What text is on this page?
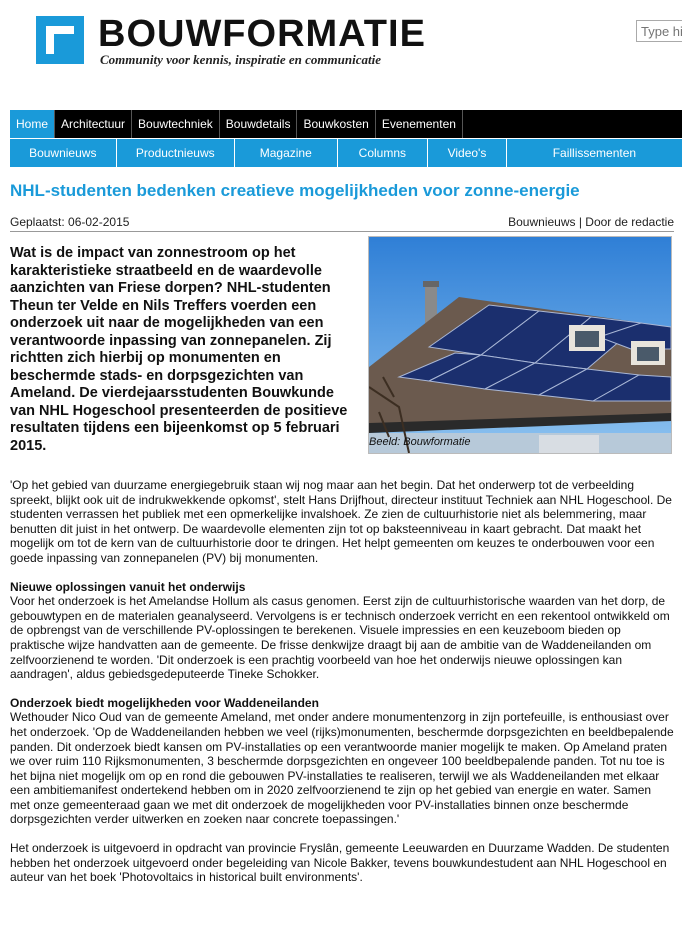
BOUWFORMATIE
Community voor kennis, inspiratie en communicatie
Type hier
Home	Architectuur	Bouwtechniek	Bouwdetails	Bouwkosten	Evenementen
Bouwnieuws	Productnieuws	Magazine	Columns	Video's	Faillissementen
NHL-studenten bedenken creatieve mogelijkheden voor zonne-energie
Geplaatst: 06-02-2015	Bouwnieuws | Door de redactie
Wat is de impact van zonnestroom op het karakteristieke straatbeeld en de waardevolle aanzichten van Friese dorpen? NHL-studenten Theun ter Velde en Nils Treffers voerden een onderzoek uit naar de mogelijkheden van een verantwoorde inpassing van zonnepanelen. Zij richtten zich hierbij op monumenten en beschermde stads- en dorpsgezichten van Ameland. De vierdejaarsstudenten Bouwkunde van NHL Hogeschool presenteerden de positieve resultaten tijdens een bijeenkomst op 5 februari 2015.	Beeld: Bouwformatie

'Op het gebied van duurzame energiegebruik staan wij nog maar aan het begin. Dat het onderwerp tot de verbeelding spreekt, blijkt ook uit de indrukwekkende opkomst', stelt Hans Drijfhout, directeur instituut Techniek aan NHL Hogeschool. De studenten verrassen het publiek met een opmerkelijke invalshoek. Ze zien de cultuurhistorie niet als belemmering, maar benutten dit juist in het ontwerp. De waardevolle elementen zijn tot op baksteenniveau in kaart gebracht. Dat maakt het mogelijk om tot de kern van de cultuurhistorie door te dringen. Het helpt gemeenten om keuzes te onderbouwen voor een goede inpassing van zonnepanelen (PV) bij monumenten.

Nieuwe oplossingen vanuit het onderwijs

Voor het onderzoek is het Amelandse Hollum als casus genomen. Eerst zijn de cultuurhistorische waarden van het dorp, de gebouwtypen en de materialen geanalyseerd. Vervolgens is er technisch onderzoek verricht en een rekentool ontwikkeld om de opbrengst van de verschillende PV-oplossingen te berekenen. Visuele impressies en een keuzeboom bieden op praktische wijze handvatten aan de gemeente. De frisse denkwijze draagt bij aan de ambitie van de Waddeneilanden om zelfvoorzienend te worden. 'Dit onderzoek is een prachtig voorbeeld van hoe het onderwijs nieuwe oplossingen kan aandragen', aldus gebiedsgedeputeerde Tineke Schokker.

Onderzoek biedt mogelijkheden voor Waddeneilanden

Wethouder Nico Oud van de gemeente Ameland, met onder andere monumentenzorg in zijn portefeuille, is enthousiast over het onderzoek. 'Op de Waddeneilanden hebben we veel (rijks)monumenten, beschermde dorpsgezichten en beeldbepalende panden. Dit onderzoek biedt kansen om PV-installaties op een verantwoorde manier mogelijk te maken. Op Ameland praten we over ruim 110 Rijksmonumenten, 3 beschermde dorpsgezichten en ongeveer 100 beeldbepalende panden. Tot nu toe is het bijna niet mogelijk om op en rond die gebouwen PV-installaties te realiseren, terwijl we als Waddeneilanden met elkaar een ambitiemanifest ondertekend hebben om in 2020 zelfvoorzienend te zijn op het gebied van energie en water. Samen met onze gemeenteraad gaan we met dit onderzoek de mogelijkheden voor PV-installaties binnen onze beschermde dorpsgezichten verder uitwerken en zoeken naar concrete toepassingen.'

Het onderzoek is uitgevoerd in opdracht van provincie Fryslân, gemeente Leeuwarden en Duurzame Wadden. De studenten hebben het onderzoek uitgevoerd onder begeleiding van Nicole Bakker, tevens bouwkundestudent aan NHL Hogeschool en auteur van het boek 'Photovoltaics in historical built environments'.
